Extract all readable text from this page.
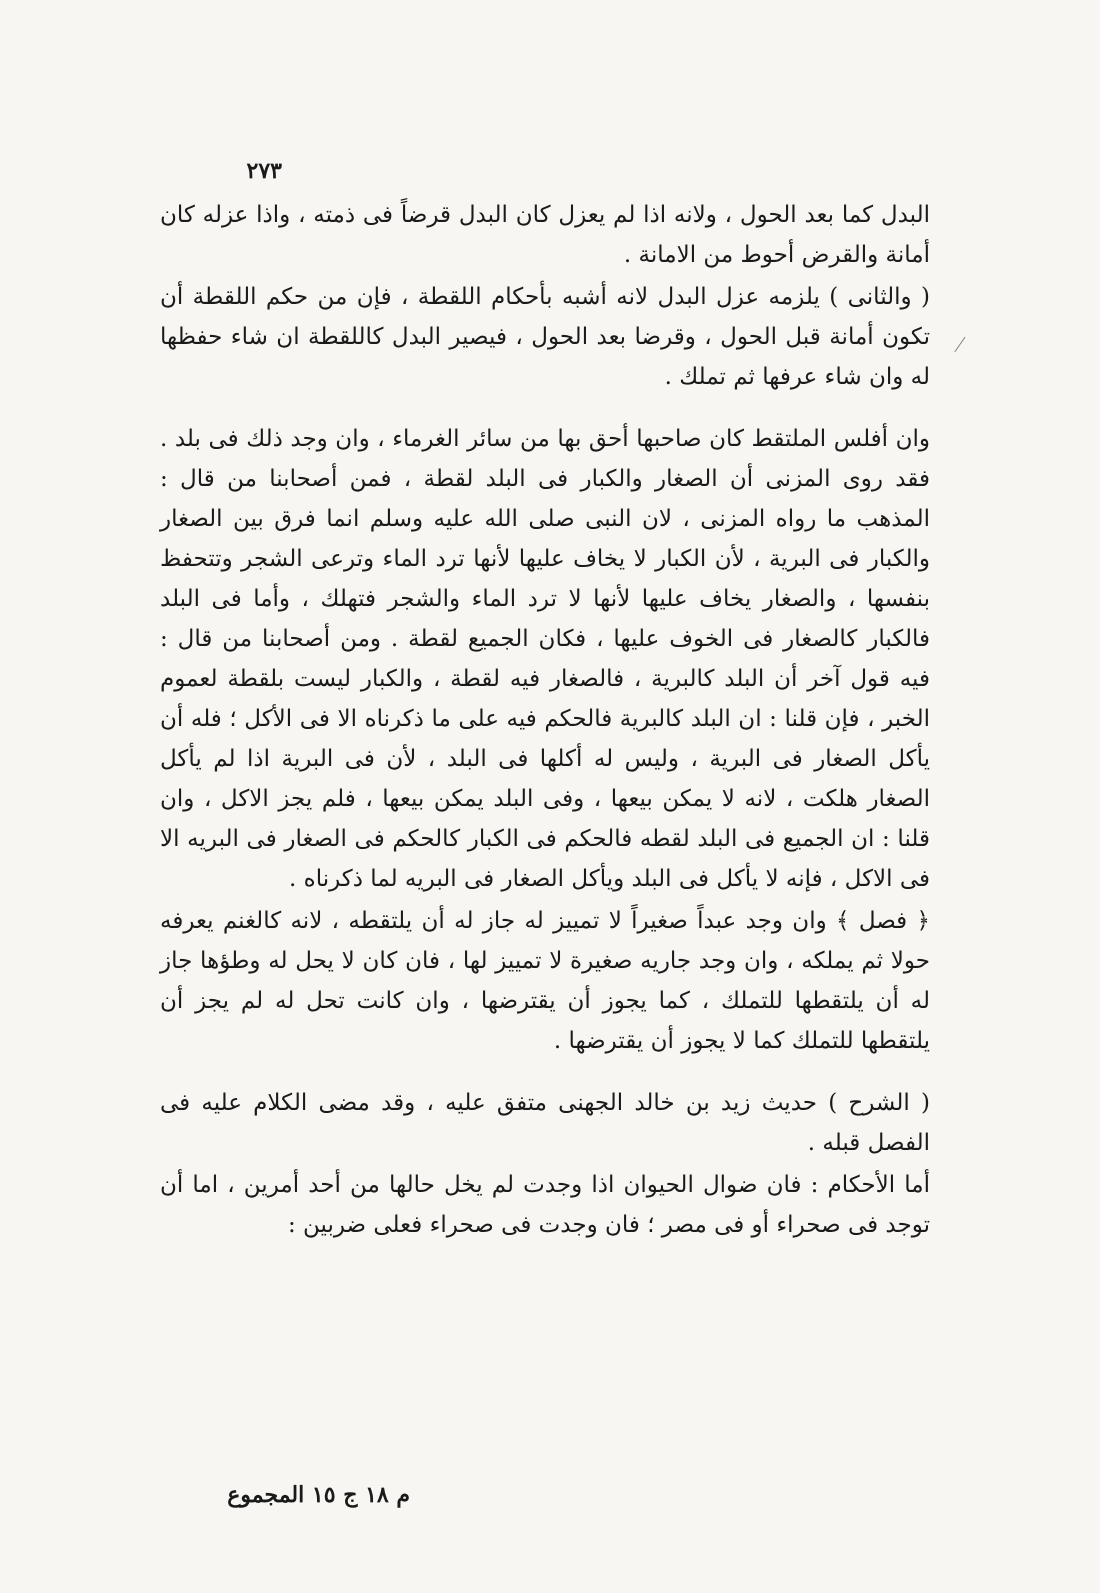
٢٧٣

البدل كما بعد الحول ، ولانه اذا لم يعزل كان البدل قرضاً فى ذمته ، واذا عزله كان أمانة والقرض أحوط من الامانة .

( والثانى ) يلزمه عزل البدل لانه أشبه بأحكام اللقطة ، فإن من حكم اللقطة أن تكون أمانة قبل الحول ، وقرضا بعد الحول ، فيصير البدل كاللقطة ان شاء حفظها له وان شاء عرفها ثم تملك .

وان أفلس الملتقط كان صاحبها أحق بها من سائر الغرماء ، وان وجد ذلك فى بلد . فقد روى المزنى أن الصغار والكبار فى البلد لقطة ، فمن أصحابنا من قال : المذهب ما رواه المزنى ، لان النبى صلى الله عليه وسلم انما فرق بين الصغار والكبار فى البرية ، لأن الكبار لا يخاف عليها لأنها ترد الماء وترعى الشجر وتتحفظ بنفسها ، والصغار يخاف عليها لأنها لا ترد الماء والشجر فتهلك ، وأما فى البلد فالكبار كالصغار فى الخوف عليها ، فكان الجميع لقطة . ومن أصحابنا من قال : فيه قول آخر أن البلد كالبرية ، فالصغار فيه لقطة ، والكبار ليست بلقطة لعموم الخبر ، فإن قلنا : ان البلد كالبرية فالحكم فيه على ما ذكرناه الا فى الأكل ؛ فله أن يأكل الصغار فى البرية ، وليس له أكلها فى البلد ، لأن فى البرية اذا لم يأكل الصغار هلكت ، لانه لا يمكن بيعها ، وفى البلد يمكن بيعها ، فلم يجز الاكل ، وان قلنا : ان الجميع فى البلد لقطه فالحكم فى الكبار كالحكم فى الصغار فى البريه الا فى الاكل ، فإنه لا يأكل فى البلد ويأكل الصغار فى البريه لما ذكرناه .

﴿ فصل ﴾ وان وجد عبداً صغيراً لا تمييز له جاز له أن يلتقطه ، لانه كالغنم يعرفه حولا ثم يملكه ، وان وجد جاريه صغيرة لا تمييز لها ، فان كان لا يحل له وطؤها جاز له أن يلتقطها للتملك ، كما يجوز أن يقترضها ، وان كانت تحل له لم يجز أن يلتقطها للتملك كما لا يجوز أن يقترضها .

( الشرح ) حديث زيد بن خالد الجهنى متفق عليه ، وقد مضى الكلام عليه فى الفصل قبله .

أما الأحكام : فان ضوال الحيوان اذا وجدت لم يخل حالها من أحد أمرين ، اما أن توجد فى صحراء أو فى مصر ؛ فان وجدت فى صحراء فعلى ضربين :

م ١٨ ج ١٥ المجموع
